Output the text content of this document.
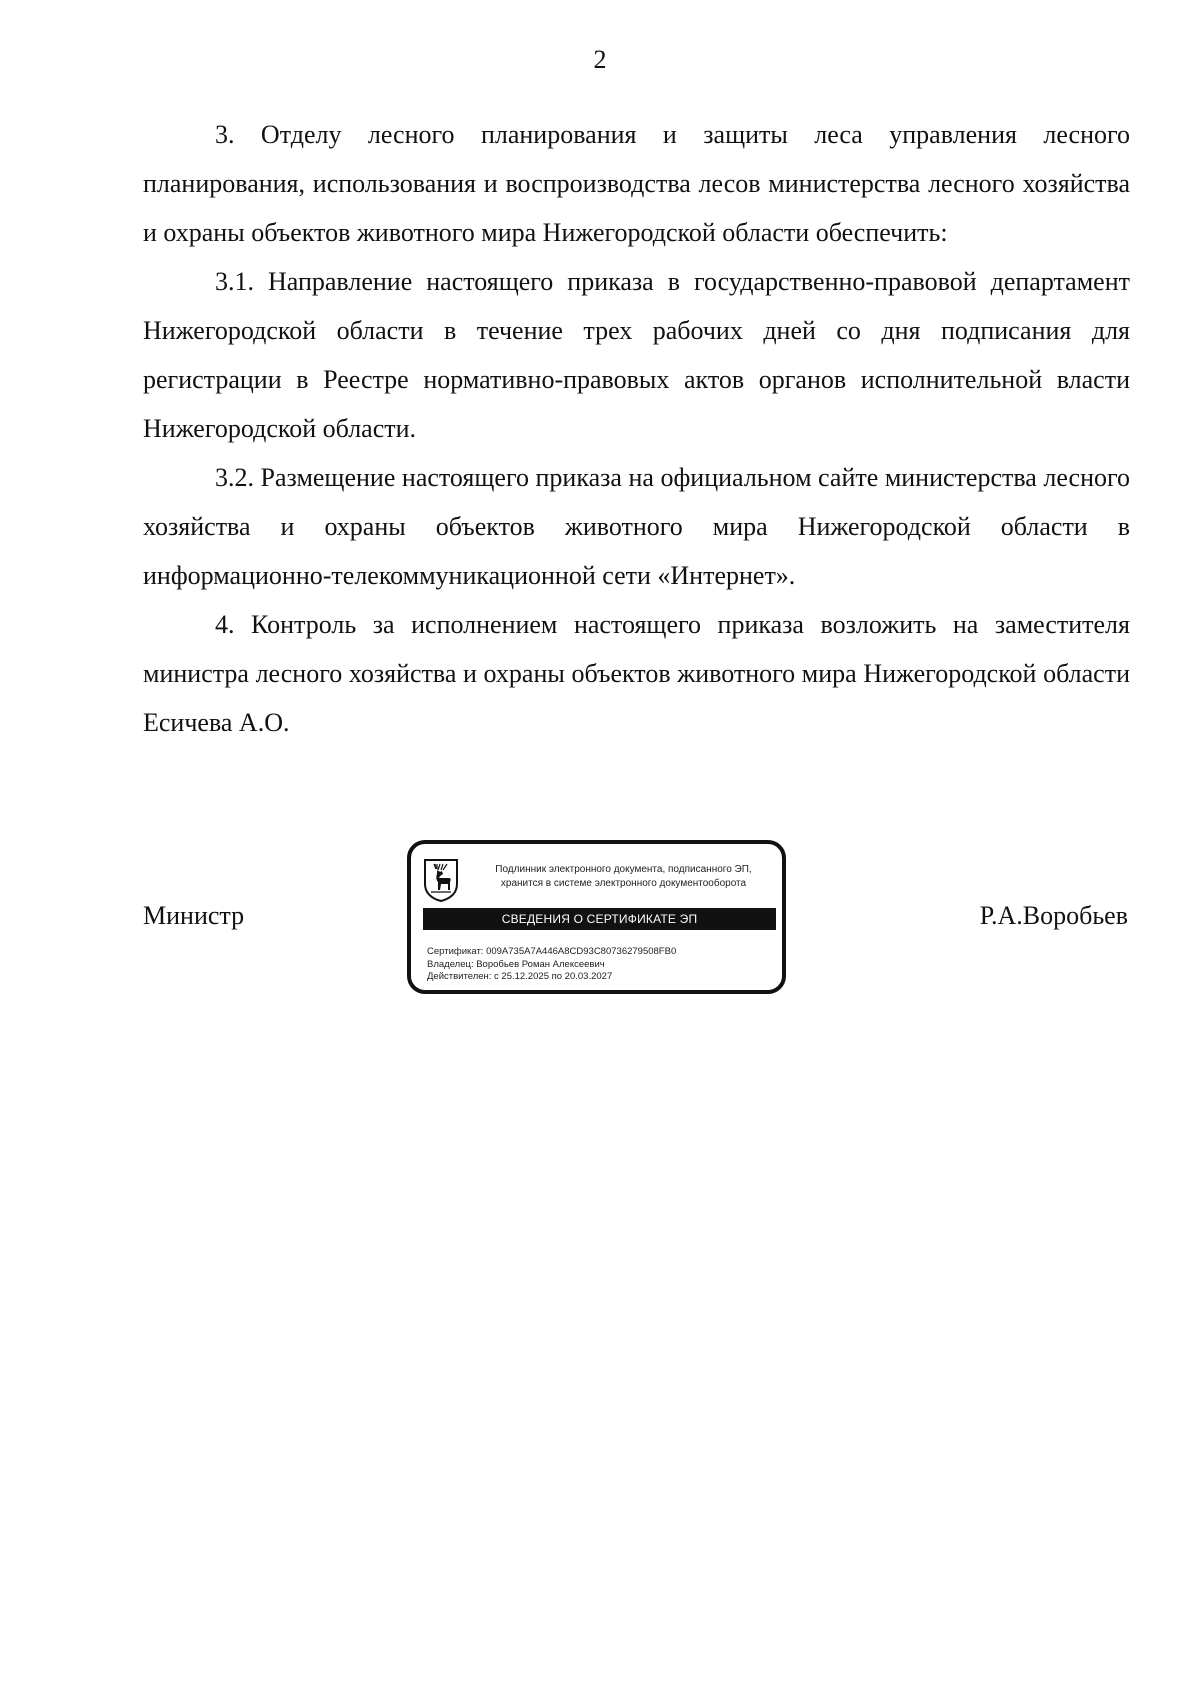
2

3. Отделу лесного планирования и защиты леса управления лесного планирования, использования и воспроизводства лесов министерства лесного хозяйства и охраны объектов животного мира Нижегородской области обеспечить:

3.1. Направление настоящего приказа в государственно-правовой департамент Нижегородской области в течение трех рабочих дней со дня подписания для регистрации в Реестре нормативно-правовых актов органов исполнительной власти Нижегородской области.

3.2. Размещение настоящего приказа на официальном сайте министерства лесного хозяйства и охраны объектов животного мира Нижегородской области в информационно-телекоммуникационной сети «Интернет».

4. Контроль за исполнением настоящего приказа возложить на заместителя министра лесного хозяйства и охраны объектов животного мира Нижегородской области Есичева А.О.

Министр
Подлинник электронного документа, подписанного ЭП,
хранится в системе электронного документооборота
СВЕДЕНИЯ О СЕРТИФИКАТЕ ЭП
Сертификат: 009A735A7A446A8CD93C80736279508FB0
Владелец: Воробьев Роман Алексеевич
Действителен: с 25.12.2025 по 20.03.2027
Р.А.Воробьев
